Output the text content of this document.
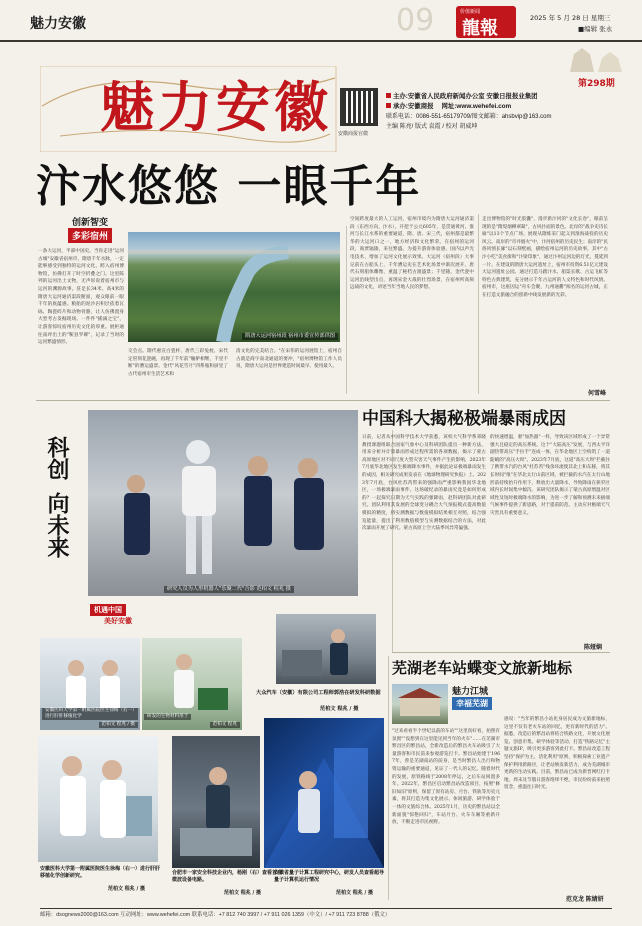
魅力安徽	09	价值新闻
龍報	2025 年 5 月 28 日 星期三
■编辑 张永
魅力安徽 安徽商报官微
第298期
主办:安徽省人民政府新闻办公室 安徽日报报业集团
承办:安徽商报 网址:www.wehefei.com
联系电话：0086-551-65179709/图文邮箱：ahsbvip@163.com
主编 陈亮/ 版式 袁霞 / 校对 胡威坤
汴水悠悠 一眼千年
创新智变
多彩宿州
隋唐大运河宿州段 宿州市委宣传部供图
一条大运河，半部中国史。当你走进"运河古城"安徽省宿州市，隋唐千年水脉，一定能够感受到独特的运河文化。跨入宿州博物馆，仿佛打开了时空折叠之门。这里陈列的运河出土文物，无声诉说着宿州市与运河的渊源故事。驻足长34米、高4米的隋唐大运河通济渠段断面，观众眼前一眼千年的底蕴感。粮船的泥沙岩积层依着瓦砾、陶瓷碎片和动物骨骼，让人仿佛置身大型考古发掘现场。一件件"插滴之宝"，让游客惊叹宿州历史文化的厚重。展柜通往南坪出土的"靳县罗碑"，记录了当时的运河繁盛情形。
交会点。隋代惠宣白瓷杯、唐代三彩兔枕、宋代定窑刻花瓷碗，再现了千年前"舳舻相继，千里不断"的漕运盛景。金代"风花雪月"四系瓶和厨里了古代宿州市生活艺术和
清文化的完美结合。"在宋伟的运河展馆上，宿州自古就是商宇南北通道的要冲，"宿州博物馆工作人员说，隋唐大运河是世界建造时间最早、使用最久、
空间跨度最大的人工运河，宿州市境内为隋唐大运河通济渠段（东西方向，汴水），开挖于公元605年，是贯通黄河、淮河与长江水系的重要通道，隋、唐、宋三代，宿州都是最繁华的大运河口之一，地方经济和文化繁荣。在宿州的运河段，商贾辐辏，来往繁盛。为提升游客体验感，国内以声光电技术，增加了运河文化展示效果。大运河（宿州段）大事记前在古船头上，千年漕运史在艺术化场景中渐次展开，唐代石刻船体雕像，重温了秘档古渡盛景；千里随、金代瓷中运河沿线型出点，再现宋金大战的壮烈场景，在宿州所高频远战的文化，讲述当年当地人民的梦想。
走出博物馆的"时光胶囊"，漫步新汴河的"文化长卷"，眼前呈现的是"隋堤烟柳翠凝"，古风扑面的景色。北岸的"战争史诗长廊"以13个节点广场，展现从隋炼采门起义到淮海战役的历史风云。南岸的"市井烟火"中，汴河宿州的历史民生；南岸的"民俗风情长廊"以石刻壁画，描绘宿州运河的历史故事，其中"古汴小吃"美食街和"汴梁印象"，通过汴州运河边的灯光，蔓延到一片。在建设的隋唐大运河遗址上，宿州市投资6.51亿元建设大运河遗址公园。通过打造马踏汴水、船渠长歌、古运飞虹等特色古典建筑，充分展示千年古运河的人文特色和时代风情。宿州市，这座因运"舟车会聚，九州通衢"闻名的运河古城，正在打造文旅融合的创新中线发展新的光彩。
何雪峰
科创
向未来
研究人员为人形机器人"乐聚二代"合影 范柏文 程兆 摄
中国科大揭秘极端暴雨成因
日前，记者从中国科学技术大学获悉，该校大气科学系邓晓教授课题组联合国家气象中心及科研团队提出一种新方法，用来分析并计算暴雨形成过程所需的各项数据，揭示了蒙古高原地区对不同尺度大型灾害天气事件产生的影响，2023年7月底华北地区发生极端降水事件，并据此论证极端暴雨发生的成因，相关研究成果发表在《地球物理研究快报》上。2023年7月底，台风杜苏芮带来的强降雨严重影响我国华北地区，一场极端暴雨事件。这场破纪录的暴雨究竟是如何形成的？一起探究日期为天气实践的强降雨，赵科研团队对此研究。团队利用其发展的全球变分耦合大气预报模式提高数值模拟的精度，将实测数据与数值模拟结果相互对照，结合强迫能量，提出了利用数值模型与实测数据结合的方法，对此次暴雨开展了研究。蒙古高原上空大陆季风异常偏强。
的快速增温，驱"加热器"一样，导致该区域形成了一个异常强大且稳定的高压系统。这个"大陆高压"发展，与西太平洋副热带高压"手拉手"连成一体，在华北地区上空构筑了一道陡峭的"高压大坝"。2023年7月底，这道"高压大坝"拦截住了携带水汽的台风"杜苏芮"残余环流使其北上和东移，将其长时间"推"在华北太行山前区域，被拦截的水汽在太行山地形前持续抬升作用下，释放出大量降水，导致降雨在狭窄区域内长时间集中倾泻。该研究团队揭示了蒙古高原增温对区域性及短时极端降水的影响，为进一步了解和预测未来极端气候事件提供了新思路，对于提前防范、主动应对极端天气灾害具有重要意义。
陈娅娴
机遇中国
美好安徽
安徽医科大学第一附属医院医生徐梅（右一）进行肝肝移植化学
范柏文 程兆 / 摄
研发的生物材料用于
范柏文 程兆
大众汽车（安徽）有限公司工程师郭浩在研发科研数据
范柏文 程兆 / 摄
芜湖老车站蝶变文旅新地标
魅力江城
幸福芜湖
"过来看看半个世纪以前的车站""这里真好看，拍照有氛围""没想到在这里能见到当年的火车"……在芜湖市繁昌区的繁昌站，全新改造后的繁昌火车站吸引了大量游客和市民前来参观游览打卡。繁昌站始建于1967年，曾是芜湖南站的前身，是当时繁昌人出行和物资运输的重要通道，见证了一代人的记忆。随着时代的发展，原铁路线于2008年停运，之后车站闲置多年。2022年，繁昌区启动繁昌站改造项目，按照"修旧如旧"原则，保留了原有站房、月台、铁轨等历史元素，将其打造为集文化展示、休闲旅游、研学体验于一体的文旅综合体。2025年1月，历史的繁昌站以全新面貌"惊艳回归"，车站月台、火车车厢等重新开放，不断走进市民视野。
感叹："当年的繁昌小站化身居民成为文旅新地标，这里不仅有老火车站的回忆，更有新时代的活力"。据悉，改造后的繁昌站将结合铁路文化，开展文化展览、创意市集、研学体验等活动，打造"铁路记忆"主题文旅IP，吸引更多游客到此打卡。繁昌站改造工程坚持"保护为主、活化利用"原则，积极探索工业遗产保护利用新路径，让老站焕发新活力，成为芜湖城市更新的生动实践。目前，繁昌站已成为新晋网红打卡地，周末及节假日游客络绎不绝，市民纷纷前来拍照留念，重温往日时光。
范克龙 陈婧妍
安徽医科大学第一附属医院医生徐梅（右一）进行肝肝移植化学创新研究。
范柏文 程兆 / 摄
合肥市一家安全科技企业内，杨刚（右）查看首台微波设备电路。
范柏文 程兆 / 摄
安徽省量子计算工程研究中心，研发人员查看超导量子计算机运行情况
范柏文 程兆 / 摄
邮箱：dsognews2000@163.com 互动网址：www.wehefei.com 联系电话：+7 812 740 3997 / +7 911 026 1359（中文）/ +7 911 723 8788（俄文）
